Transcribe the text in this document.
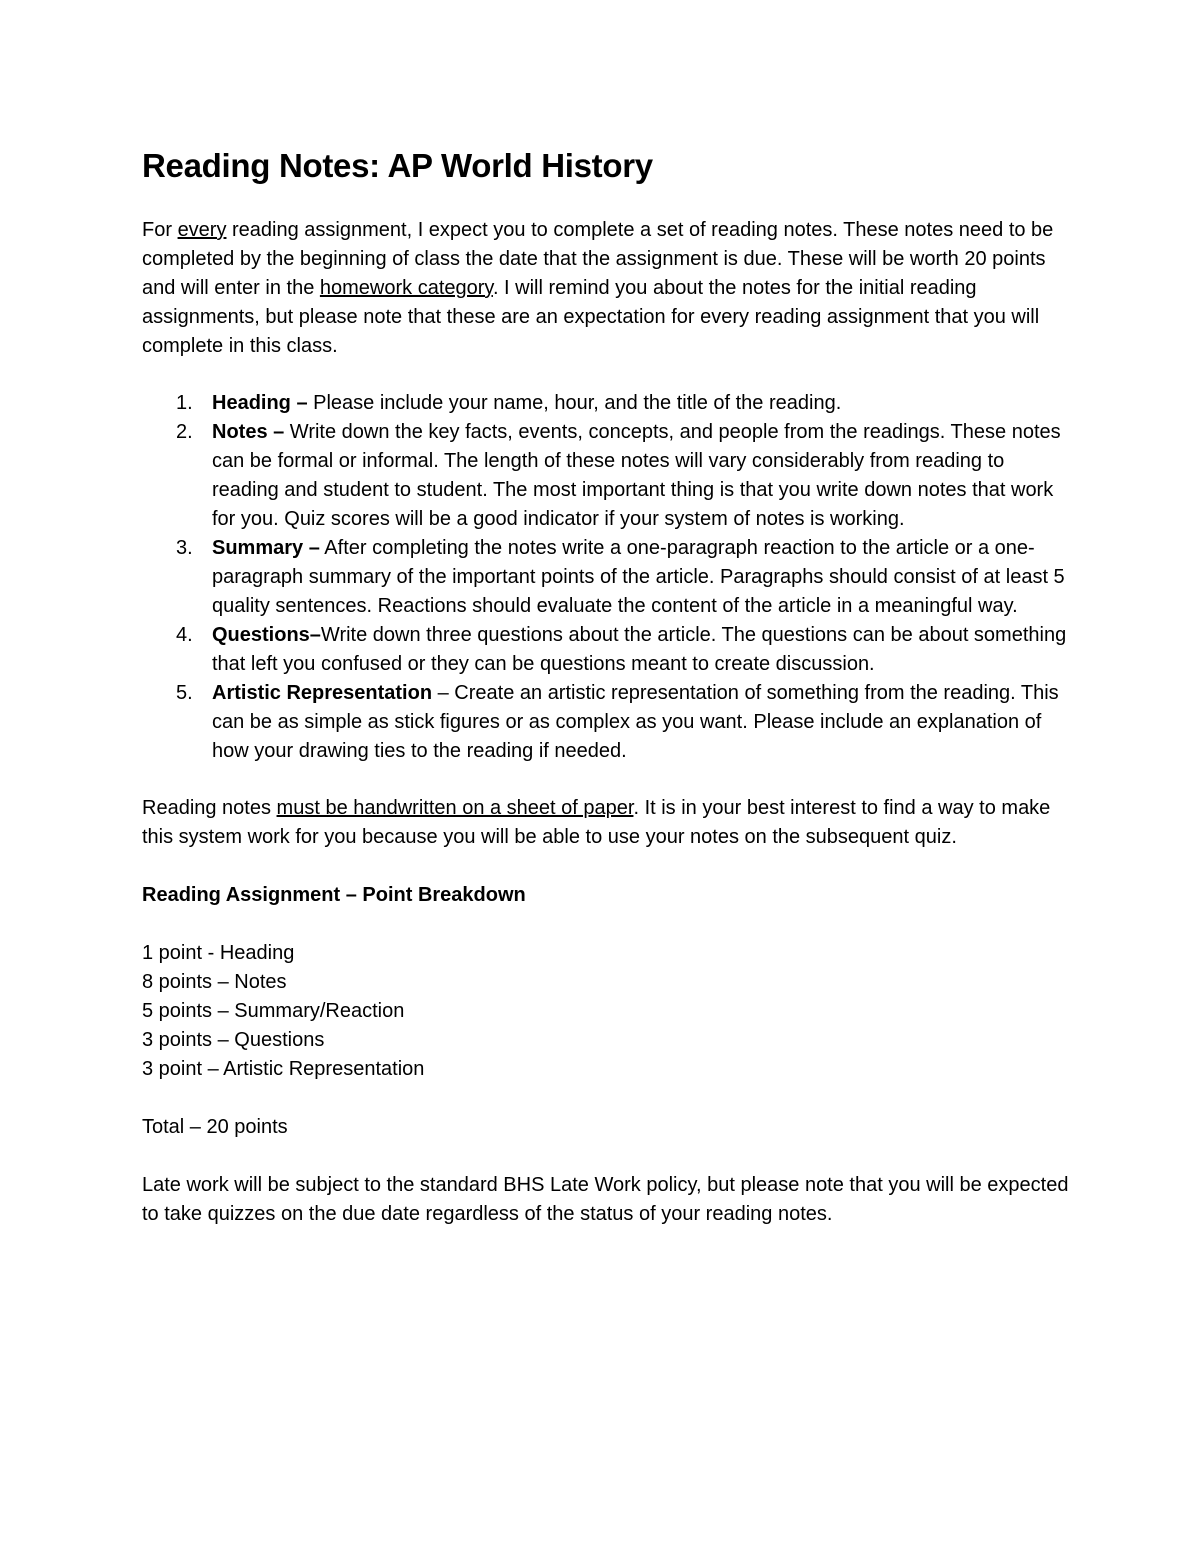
Reading Notes: AP World History

For every reading assignment, I expect you to complete a set of reading notes. These notes need to be completed by the beginning of class the date that the assignment is due. These will be worth 20 points and will enter in the homework category. I will remind you about the notes for the initial reading assignments, but please note that these are an expectation for every reading assignment that you will complete in this class.

1. Heading – Please include your name, hour, and the title of the reading.
2. Notes – Write down the key facts, events, concepts, and people from the readings. These notes can be formal or informal. The length of these notes will vary considerably from reading to reading and student to student. The most important thing is that you write down notes that work for you. Quiz scores will be a good indicator if your system of notes is working.
3. Summary – After completing the notes write a one-paragraph reaction to the article or a one-paragraph summary of the important points of the article. Paragraphs should consist of at least 5 quality sentences. Reactions should evaluate the content of the article in a meaningful way.
4. Questions–Write down three questions about the article. The questions can be about something that left you confused or they can be questions meant to create discussion.
5. Artistic Representation – Create an artistic representation of something from the reading. This can be as simple as stick figures or as complex as you want. Please include an explanation of how your drawing ties to the reading if needed.

Reading notes must be handwritten on a sheet of paper. It is in your best interest to find a way to make this system work for you because you will be able to use your notes on the subsequent quiz.

Reading Assignment – Point Breakdown

1 point - Heading

8 points – Notes

5 points – Summary/Reaction

3 points – Questions

3 point – Artistic Representation

Total – 20 points

Late work will be subject to the standard BHS Late Work policy, but please note that you will be expected to take quizzes on the due date regardless of the status of your reading notes.
